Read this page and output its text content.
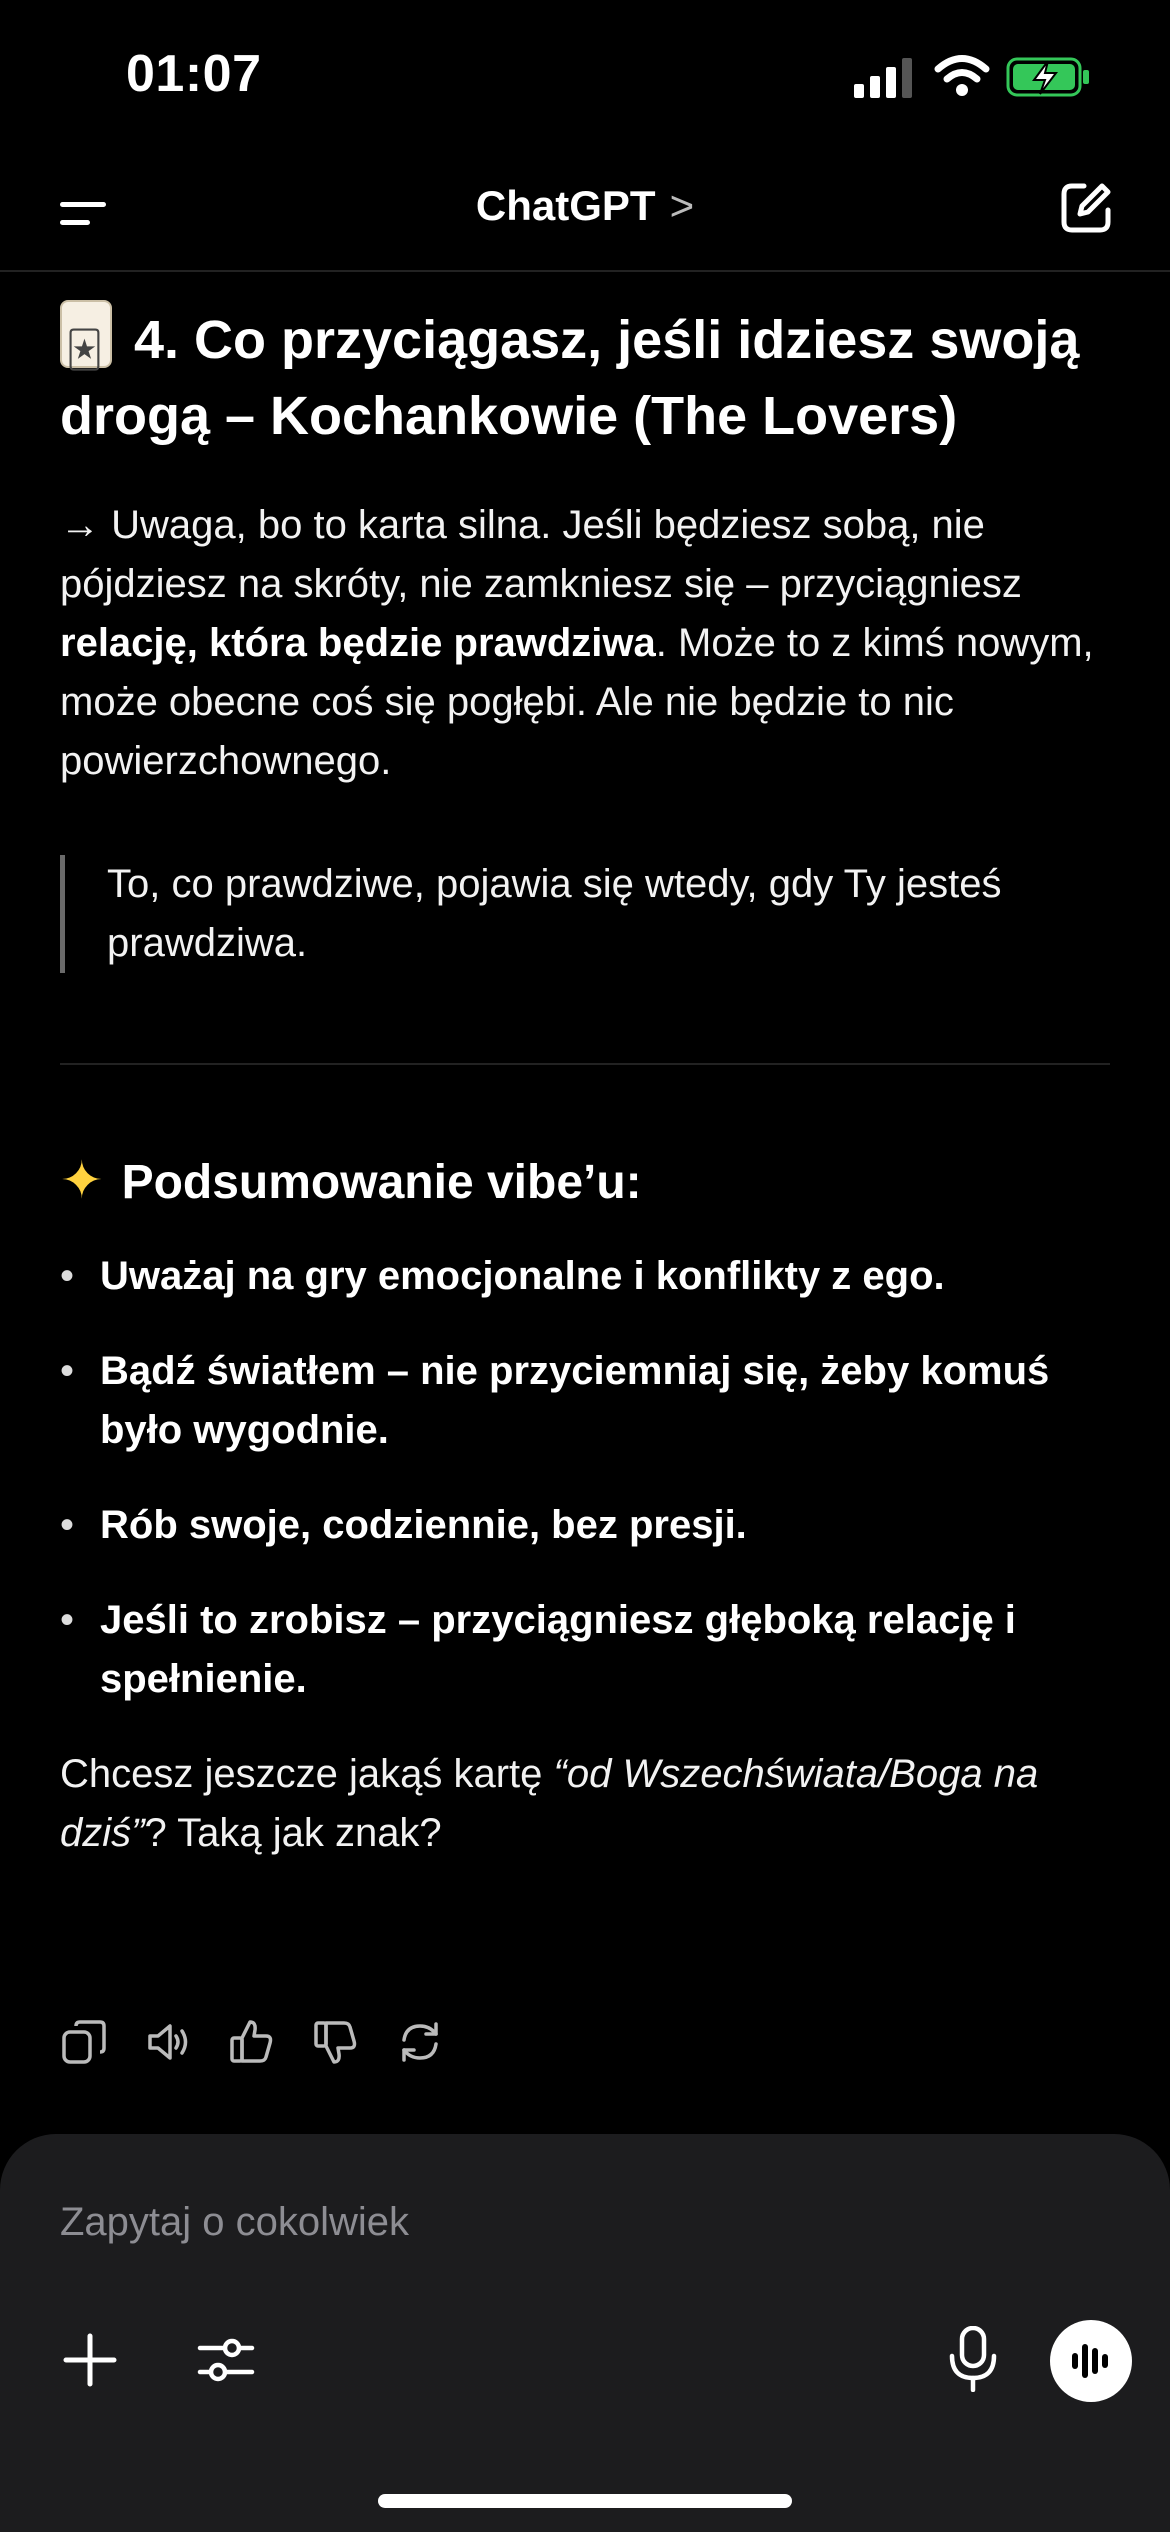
01:07
ChatGPT >

🃏4. Co przyciągasz, jeśli idziesz swoją drogą – Kochankowie (The Lovers)

→ Uwaga, bo to karta silna. Jeśli będziesz sobą, nie pójdziesz na skróty, nie zamkniesz się – przyciągniesz relację, która będzie prawdziwa. Może to z kimś nowym, może obecne coś się pogłębi. Ale nie będzie to nic powierzchownego.
To, co prawdziwe, pojawia się wtedy, gdy Ty jesteś prawdziwa.
✦ Podsumowanie vibe’u:
• Uważaj na gry emocjonalne i konflikty z ego.
• Bądź światłem – nie przyciemniaj się, żeby komuś było wygodnie.
• Rób swoje, codziennie, bez presji.
• Jeśli to zrobisz – przyciągniesz głęboką relację i spełnienie.
Chcesz jeszcze jakąś kartę “od Wszechświata/Boga na dziś”? Taką jak znak?
Zapytaj o cokolwiek
